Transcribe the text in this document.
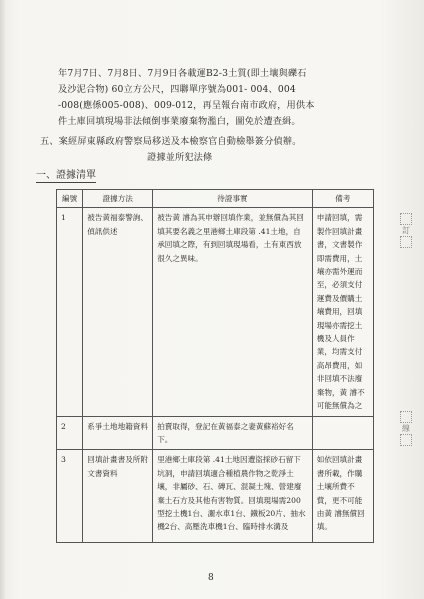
年7月7日、7月8日、7月9日各載運B2-3土質(即土壤與礫石
及沙泥合物) 60立方公尺，四聯單序號為001- 004、004
-008(應係005-008)、009-012，再呈報台南市政府，用供本
件土庫回填現場非法傾倒事業廢棄物濫白，圖免於遭查緝。
五、案經屏東縣政府警察局移送及本檢察官自動檢舉簽分偵辦。
證據並所犯法條
一、證據清單
編號	證據方法	待證事實	備考
1	被告黃福泰警詢、偵訊供述	被告黃 濬為其申辦回填作業，並無償為其回填其要名義之里港鄉土庫段第 .41土地，自承回填之際，有到回填現場看，土有東西放很久之異味。	申請回填，需製作回填計畫書，文書製作即需費用，土壤亦需外運而至，必須支付運費及價購土壤費用，回填現場亦需挖土機及人員作業，均需支付高昂費用，如非回填不法廢棄物，黃 濬不可能無償為之
2	系爭土地地籍資料	拍賣取得，登記在黃福泰之妻黃蘇裕好名下。	
3	回填計畫書及所附文書資料	里港鄉土庫段第 .41土地因遭盜採砂石留下坑洞，申請回填適合種植農作物之乾淨土壤，非屬砂、石、磚瓦、混凝土塊、營建廢棄土石方及其他有害物質。回填現場需200型挖土機1台、灑水車1台、鐵板20片、抽水機2台、高壓洗車機1台、臨時排水溝及	如依回填計畫書所載，作購土壤所費不貲，更不可能由黃 濬無償回填。
8
訂
線
